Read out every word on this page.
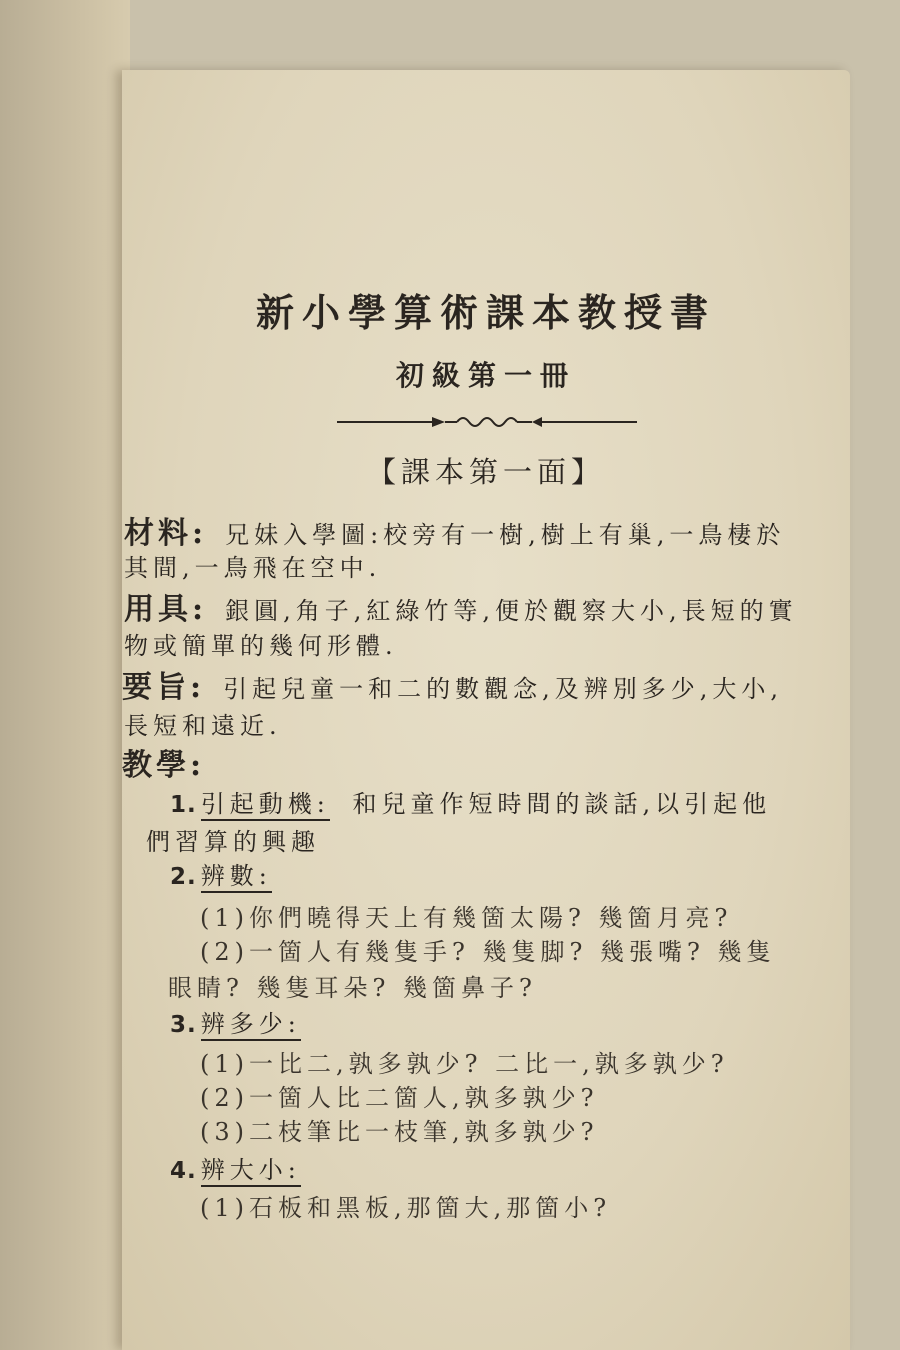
新小學算術課本教授書
初級第一冊
【課本第一面】
材料: 兄妹入學圖:校旁有一樹,樹上有巢,一鳥棲於
其間,一鳥飛在空中.
用具: 銀圓,角子,紅綠竹等,便於觀察大小,長短的實
物或簡單的幾何形體.
要旨: 引起兒童一和二的數觀念,及辨別多少,大小,
長短和遠近.
教學:
1. 引起動機: 和兒童作短時間的談話,以引起他
們習算的興趣
2. 辨數:
(1)你們曉得天上有幾箇太陽? 幾箇月亮?
(2)一箇人有幾隻手? 幾隻脚? 幾張嘴? 幾隻
眼睛? 幾隻耳朵? 幾箇鼻子?
3. 辨多少:
(1)一比二,孰多孰少? 二比一,孰多孰少?
(2)一箇人比二箇人,孰多孰少?
(3)二枝筆比一枝筆,孰多孰少?
4. 辨大小:
(1)石板和黑板,那箇大,那箇小?
